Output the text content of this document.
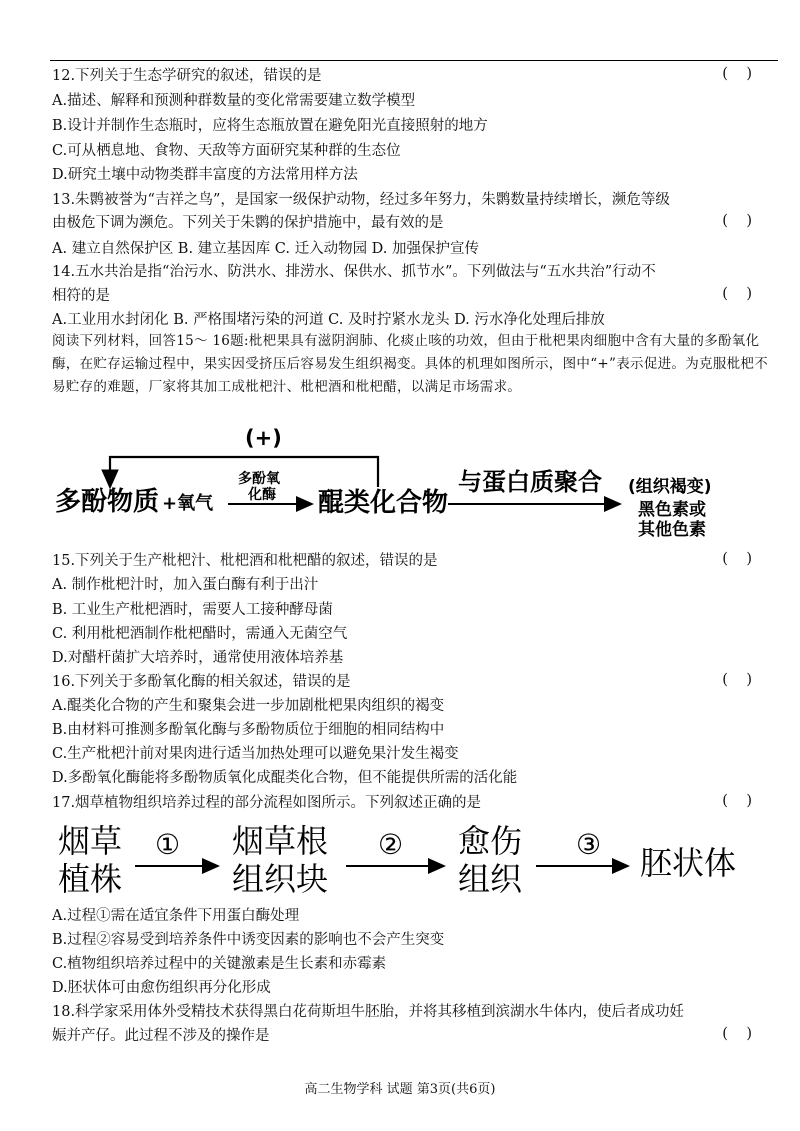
12.下列关于生态学研究的叙述，错误的是	(    )
A.描述、解释和预测种群数量的变化常需要建立数学模型
B.设计并制作生态瓶时，应将生态瓶放置在避免阳光直接照射的地方
C.可从栖息地、食物、天敌等方面研究某种群的生态位
D.研究土壤中动物类群丰富度的方法常用样方法
13.朱鹮被誉为“吉祥之鸟”，是国家一级保护动物，经过多年努力，朱鹮数量持续增长，濒危等级
由极危下调为濒危。下列关于朱鹮的保护措施中，最有效的是	(    )
A. 建立自然保护区 B. 建立基因库 C. 迁入动物园 D. 加强保护宣传
14.五水共治是指“治污水、防洪水、排涝水、保供水、抓节水”。下列做法与“五水共治”行动不
相符的是	(    )
A.工业用水封闭化 B. 严格围堵污染的河道 C. 及时拧紧水龙头 D. 污水净化处理后排放
阅读下列材料，回答15～ 16题:枇杷果具有滋阴润肺、化痰止咳的功效，但由于枇杷果肉细胞中含有大量的多酚氧化酶，在贮存运输过程中，果实因受挤压后容易发生组织褐变。具体的机理如图所示，图中“+”表示促进。为克服枇杷不易贮存的难题，厂家将其加工成枇杷汁、枇杷酒和枇杷醋，以满足市场需求。
(+)
多酚物质 +氧气
多酚氧
化酶 醌类化合物
与蛋白质聚合 (组织褐变)
黑色素或
其他色素
15.下列关于生产枇杷汁、枇杷酒和枇杷醋的叙述，错误的是	(    )
A. 制作枇杷汁时，加入蛋白酶有利于出汁
B. 工业生产枇杷酒时，需要人工接种酵母菌
C. 利用枇杷酒制作枇杷醋时，需通入无菌空气
D.对醋杆菌扩大培养时，通常使用液体培养基
16.下列关于多酚氧化酶的相关叙述，错误的是	(    )
A.醌类化合物的产生和聚集会进一步加剧枇杷果肉组织的褐变
B.由材料可推测多酚氧化酶与多酚物质位于细胞的相同结构中
C.生产枇杷汁前对果肉进行适当加热处理可以避免果汁发生褐变
D.多酚氧化酶能将多酚物质氧化成醌类化合物，但不能提供所需的活化能
17.烟草植物组织培养过程的部分流程如图所示。下列叙述正确的是	(    )
烟草
植株
① 烟草根
组织块
② 愈伤
组织
③ 胚状体
A.过程①需在适宜条件下用蛋白酶处理
B.过程②容易受到培养条件中诱变因素的影响也不会产生突变
C.植物组织培养过程中的关键激素是生长素和赤霉素
D.胚状体可由愈伤组织再分化形成
18.科学家采用体外受精技术获得黑白花荷斯坦牛胚胎，并将其移植到滨湖水牛体内，使后者成功妊
娠并产仔。此过程不涉及的操作是	(    )
高二生物学科 试题 第3页(共6页)
